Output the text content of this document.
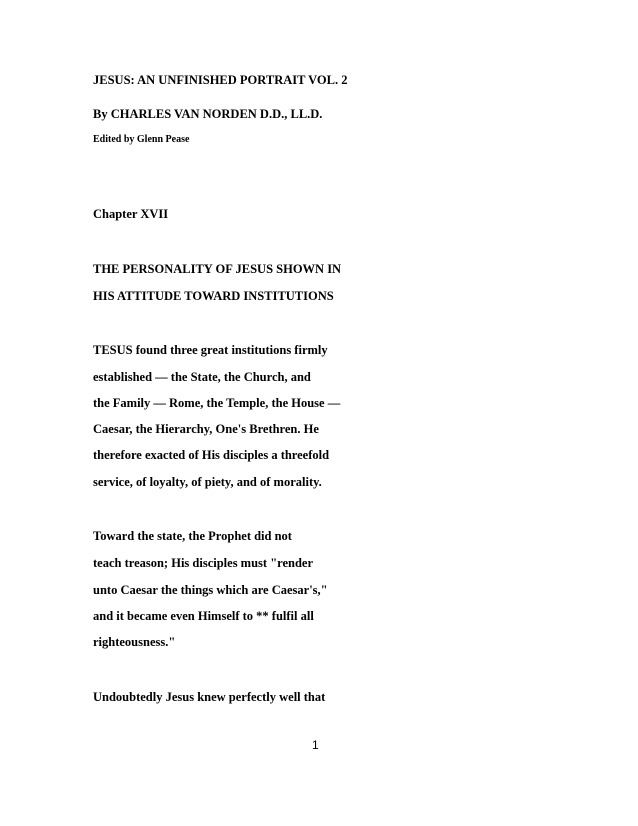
JESUS: AN UNFINISHED PORTRAIT VOL. 2

By CHARLES VAN NORDEN D.D., LL.D.

Edited by Glenn Pease

Chapter XVII

THE PERSONALITY OF JESUS SHOWN IN

HIS ATTITUDE TOWARD INSTITUTIONS

TESUS found three great institutions firmly

established — the State, the Church, and

the Family — Rome, the Temple, the House —

Caesar, the Hierarchy, One's Brethren. He

therefore exacted of His disciples a threefold

service, of loyalty, of piety, and of morality.

Toward the state, the Prophet did not

teach treason; His disciples must "render

unto Caesar the things which are Caesar's,"

and it became even Himself to ** fulfil all

righteousness."

Undoubtedly Jesus knew perfectly well that

1
